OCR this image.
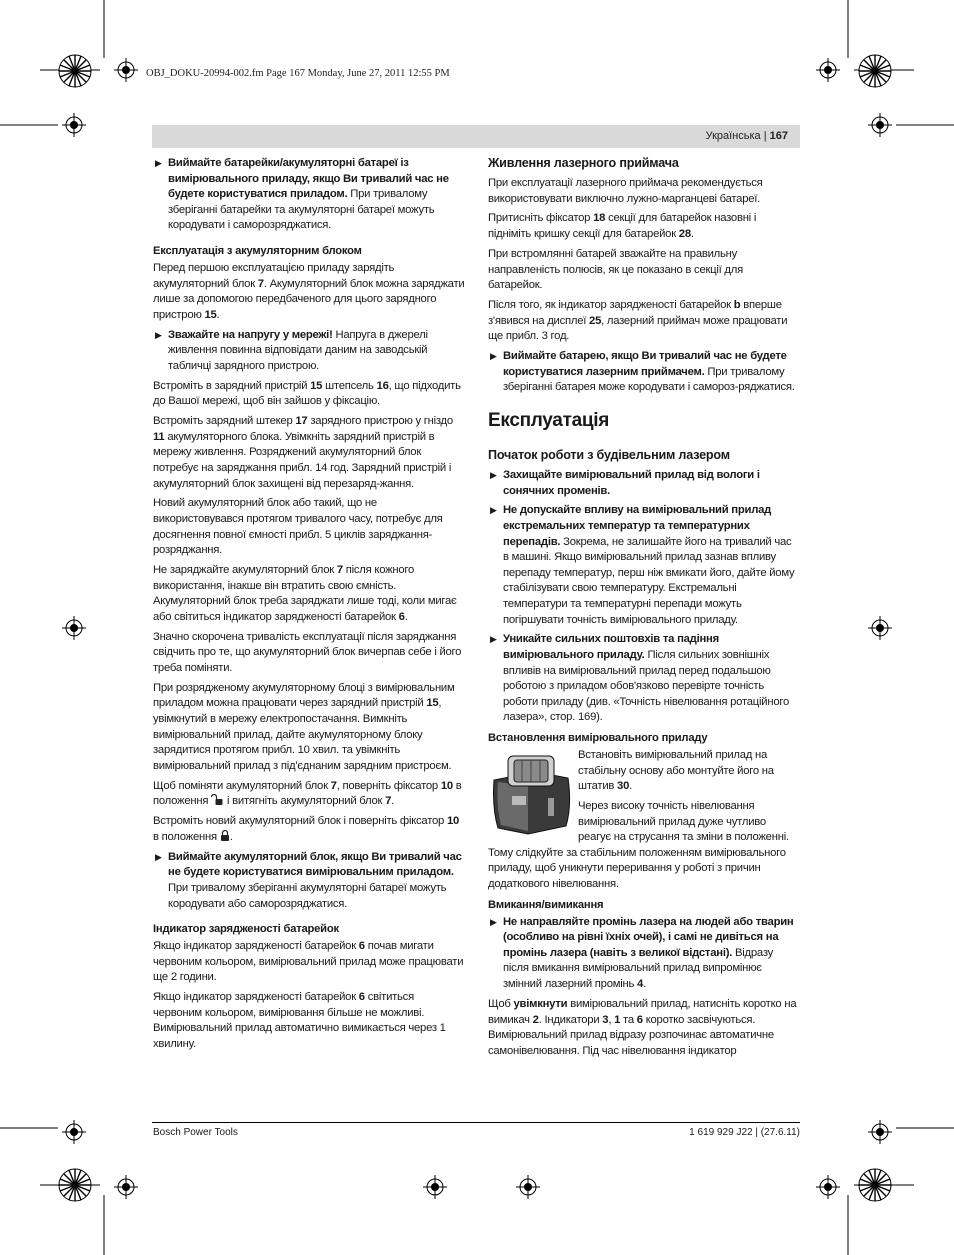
OBJ_DOKU-20994-002.fm Page 167 Monday, June 27, 2011 12:55 PM
Українська | 167

▶ Виймайте батарейки/акумуляторні батареї із вимірювального приладу, якщо Ви тривалий час не будете користуватися приладом. При тривалому зберіганні батарейки та акумуляторні батареї можуть кородувати і саморозряджатися.

Експлуатація з акумуляторним блоком

Перед першою експлуатацією приладу зарядіть акумуляторний блок 7. Акумуляторний блок можна заряджати лише за допомогою передбаченого для цього зарядного пристрою 15.

▶ Зважайте на напругу у мережі! Напруга в джерелі живлення повинна відповідати даним на заводській табличці зарядного пристрою.

Встроміть в зарядний пристрій 15 штепсель 16, що підходить до Вашої мережі, щоб він зайшов у фіксацію.

Встроміть зарядний штекер 17 зарядного пристрою у гніздо 11 акумуляторного блока. Увімкніть зарядний пристрій в мережу живлення. Розряджений акумуляторний блок потребує на заряджання прибл. 14 год. Зарядний пристрій і акумуляторний блок захищені від перезаряд-жання.

Новий акумуляторний блок або такий, що не використовувався протягом тривалого часу, потребує для досягнення повної ємності прибл. 5 циклів заряджання-розряджання.

Не заряджайте акумуляторний блок 7 після кожного використання, інакше він втратить свою ємність. Акумуляторний блок треба заряджати лише тоді, коли мигає або світиться індикатор зарядженості батарейок 6.

Значно скорочена тривалість експлуатації після заряджання свідчить про те, що акумуляторний блок вичерпав себе і його треба поміняти.

При розрядженому акумуляторному блоці з вимірювальним приладом можна працювати через зарядний пристрій 15, увімкнутий в мережу електропостачання. Вимкніть вимірювальний прилад, дайте акумуляторному блоку зарядитися протягом прибл. 10 хвил. та увімкніть вимірювальний прилад з під'єднаним зарядним пристроєм.

Щоб поміняти акумуляторний блок 7, поверніть фіксатор 10 в положення  і витягніть акумуляторний блок 7.

Встроміть новий акумуляторний блок і поверніть фіксатор 10 в положення .

▶ Виймайте акумуляторний блок, якщо Ви тривалий час не будете користуватися вимірювальним приладом. При тривалому зберіганні акумуляторні батареї можуть кородувати або саморозряджатися.

Індикатор зарядженості батарейок

Якщо індикатор зарядженості батарейок 6 почав мигати червоним кольором, вимірювальний прилад може працювати ще 2 години.

Якщо індикатор зарядженості батарейок 6 світиться червоним кольором, вимірювання більше не можливі. Вимірювальний прилад автоматично вимикається через 1 хвилину.

Живлення лазерного приймача

При експлуатації лазерного приймача рекомендується використовувати виключно лужно-марганцеві батареї.

Притисніть фіксатор 18 секції для батарейок назовні і підніміть кришку секції для батарейок 28.

При встромлянні батарей зважайте на правильну направленість полюсів, як це показано в секції для батарейок.

Після того, як індикатор зарядженості батарейок b вперше з'явився на дисплеї 25, лазерний приймач може працювати ще прибл. 3 год.

▶ Виймайте батарею, якщо Ви тривалий час не будете користуватися лазерним приймачем. При тривалому зберіганні батарея може кородувати і самороз-ряджатися.

Експлуатація
Початок роботи з будівельним лазером

▶ Захищайте вимірювальний прилад від вологи і сонячних променів.

▶ Не допускайте впливу на вимірювальний прилад екстремальних температур та температурних перепадів. Зокрема, не залишайте його на тривалий час в машині. Якщо вимірювальний прилад зазнав впливу перепаду температур, перш ніж вмикати його, дайте йому стабілізувати свою температуру. Екстремальні температури та температурні перепади можуть погіршувати точність вимірювального приладу.

▶ Уникайте сильних поштовхів та падіння вимірювального приладу. Після сильних зовнішніх впливів на вимірювальний прилад перед подальшою роботою з приладом обов'язково перевірте точність роботи приладу (див. «Точність нівелювання ротаційного лазера», стор. 169).

Встановлення вимірювального приладу

Встановіть вимірювальний прилад на стабільну основу або монтуйте його на штатив 30.

Через високу точність нівелювання вимірювальний прилад дуже чутливо реагує на струсання та зміни в положенні. Тому слідкуйте за стабільним положенням вимірювального приладу, щоб уникнути переривання у роботі з причин додаткового нівелювання.

Вмикання/вимикання

▶ Не направляйте промінь лазера на людей або тварин (особливо на рівні їхніх очей), і самі не дивіться на промінь лазера (навіть з великої відстані). Відразу після вмикання вимірювальний прилад випромінює змінний лазерний промінь 4.

Щоб увімкнути вимірювальний прилад, натисніть коротко на вимикач 2. Індикатори 3, 1 та 6 коротко засвічуються. Вимірювальний прилад відразу розпочинає автоматичне самонівелювання. Під час нівелювання індикатор

Bosch Power Tools	1 619 929 J22 | (27.6.11)
